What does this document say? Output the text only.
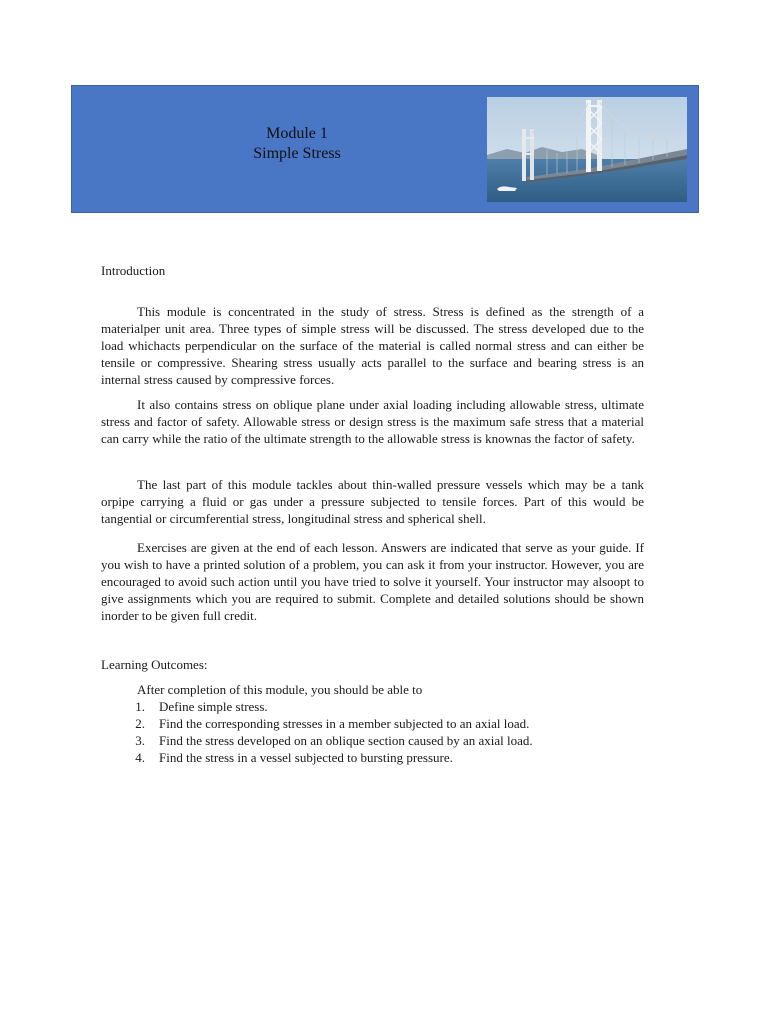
Module 1
Simple Stress
Introduction

This module is concentrated in the study of stress. Stress is defined as the strength of a materialper unit area. Three types of simple stress will be discussed. The stress developed due to the load whichacts perpendicular on the surface of the material is called normal stress and can either be tensile or compressive. Shearing stress usually acts parallel to the surface and bearing stress is an internal stress caused by compressive forces.

It also contains stress on oblique plane under axial loading including allowable stress, ultimate stress and factor of safety. Allowable stress or design stress is the maximum safe stress that a material can carry while the ratio of the ultimate strength to the allowable stress is knownas the factor of safety.

The last part of this module tackles about thin-walled pressure vessels which may be a tank orpipe carrying a fluid or gas under a pressure subjected to tensile forces. Part of this would be tangential or circumferential stress, longitudinal stress and spherical shell.

Exercises are given at the end of each lesson. Answers are indicated that serve as your guide. If you wish to have a printed solution of a problem, you can ask it from your instructor. However, you are encouraged to avoid such action until you have tried to solve it yourself. Your instructor may alsoopt to give assignments which you are required to submit. Complete and detailed solutions should be shown inorder to be given full credit.

Learning Outcomes:
After completion of this module, you should be able to
1.	Define simple stress.
2.	Find the corresponding stresses in a member subjected to an axial load.
3.	Find the stress developed on an oblique section caused by an axial load.
4.	Find the stress in a vessel subjected to bursting pressure.
